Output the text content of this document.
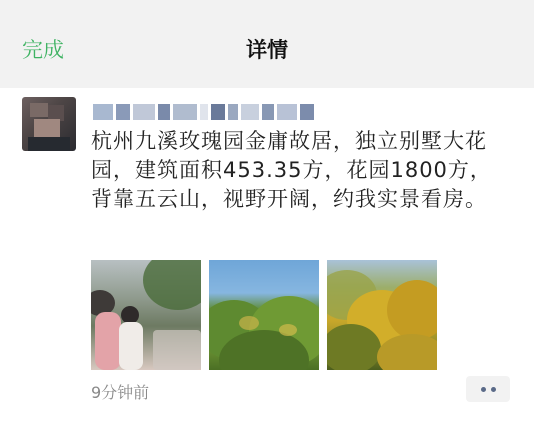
完成	详情

杭州九溪玫瑰园金庸故居，独立别墅大花园，建筑面积453.35方，花园1800方，背靠五云山，视野开阔，约我实景看房。

9分钟前
